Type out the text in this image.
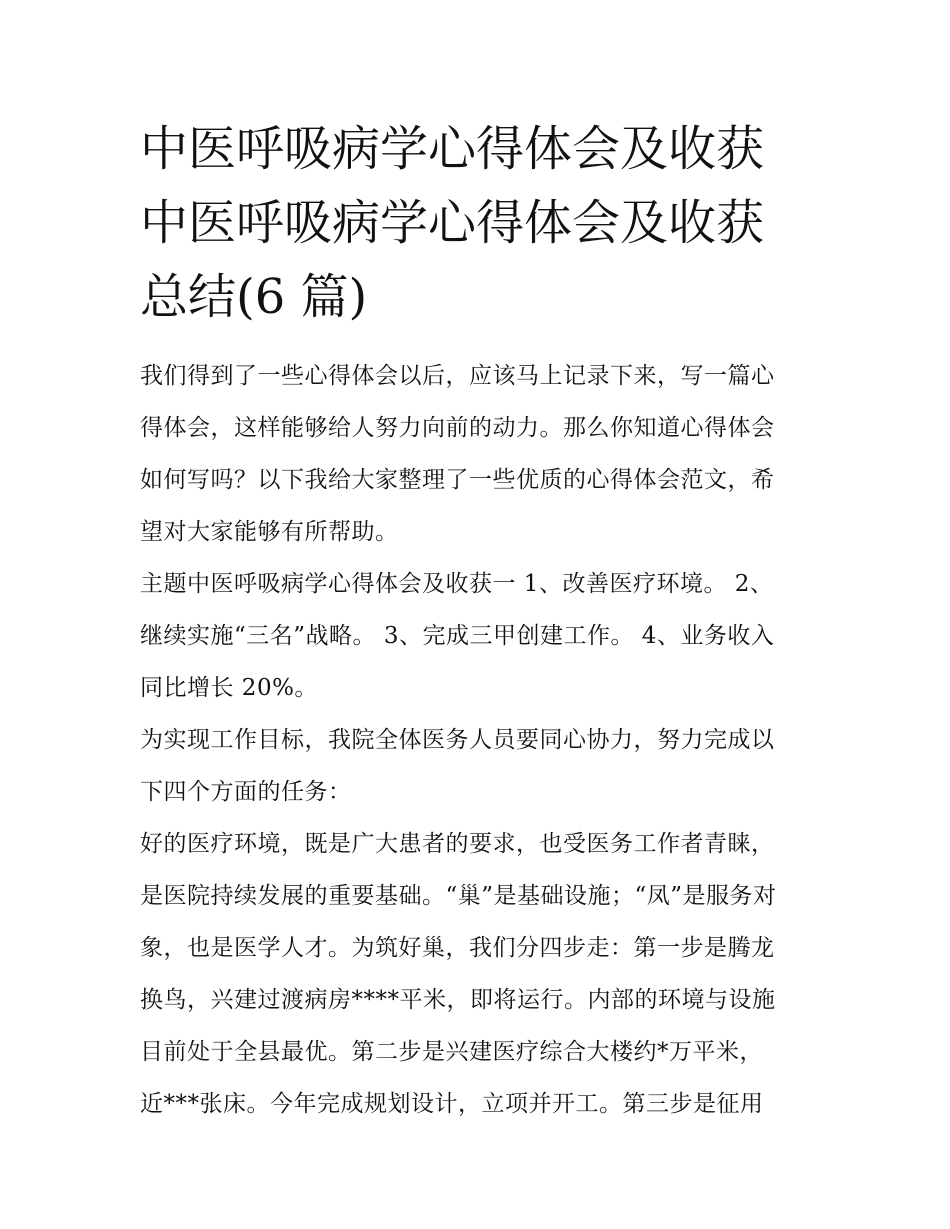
中医呼吸病学心得体会及收获

中医呼吸病学心得体会及收获

总结(6 篇)

我们得到了一些心得体会以后，应该马上记录下来，写一篇心

得体会，这样能够给人努力向前的动力。那么你知道心得体会

如何写吗？以下我给大家整理了一些优质的心得体会范文，希

望对大家能够有所帮助。

主题中医呼吸病学心得体会及收获一 1、改善医疗环境。 2、

继续实施“三名”战略。 3、完成三甲创建工作。 4、业务收入

同比增长 20%。

为实现工作目标，我院全体医务人员要同心协力，努力完成以

下四个方面的任务：

好的医疗环境，既是广大患者的要求，也受医务工作者青睐，

是医院持续发展的重要基础。“巢”是基础设施；“凤”是服务对

象，也是医学人才。为筑好巢，我们分四步走：第一步是腾龙

换鸟，兴建过渡病房****平米，即将运行。内部的环境与设施

目前处于全县最优。第二步是兴建医疗综合大楼约*万平米，

近***张床。今年完成规划设计，立项并开工。第三步是征用
